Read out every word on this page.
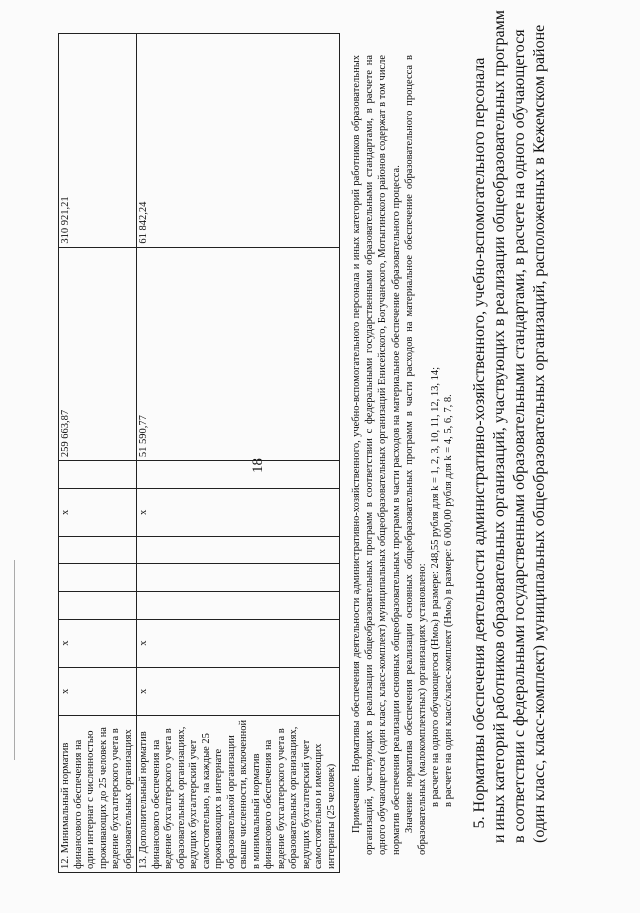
18
12. Минимальный норматив финансового обеспечения на один интернат с численностью проживающих до 25 человек на ведение бухгалтерского учета в образовательных организациях	x	x				x		259 663,87	310 921,21
13. Дополнительный норматив финансового обеспечения на ведение бухгалтерского учета в образовательных организациях, ведущих бухгалтерский учет самостоятельно, на каждые 25 проживающих в интернате образовательной организации свыше численности, включенной в минимальный норматив финансового обеспечения на ведение бухгалтерского учета в образовательных организациях, ведущих бухгалтерский учет самостоятельно и имеющих интернаты (25 человек)	x	x				x		51 590,77	61 842,24	Примечание. Нормативы обеспечения деятельности административно-хозяйственного, учебно-вспомогательного персонала и иных категорий работников образовательных организаций, участвующих в реализации общеобразовательных программ в соответствии с федеральными государственными образовательными стандартами, в расчете на одного обучающегося (один класс, класс-комплект) муниципальных общеобразовательных организаций Енисейского, Богучанского, Мотыгинского районов содержат в том числе норматив обеспечения реализации основных общеобразовательных программ в части расходов на материальное обеспечение образовательного процесса. Значение норматива обеспечения реализации основных общеобразовательных программ в части расходов на материальное обеспечение образовательного процесса в образовательных (малокомплектных) организациях установлено: в расчете на одного обучающегося (Нмоₖ) в размере: 248,55 рубля для k = 1, 2, 3, 10, 11, 12, 13, 14; в расчете на один класс/класс-комплект (Нмоₖ) в размере: 6 000,00 рубля для k = 4, 5, 6, 7, 8. 5. Нормативы обеспечения деятельности административно-хозяйственного, учебно-вспомогательного персонала и иных категорий работников образовательных организаций, участвующих в реализации общеобразовательных программ в соответствии с федеральными государственными образовательными стандартами, в расчете на одного обучающегося (один класс, класс-комплект) муниципальных общеобразовательных организаций, расположенных в Кежемском районе
